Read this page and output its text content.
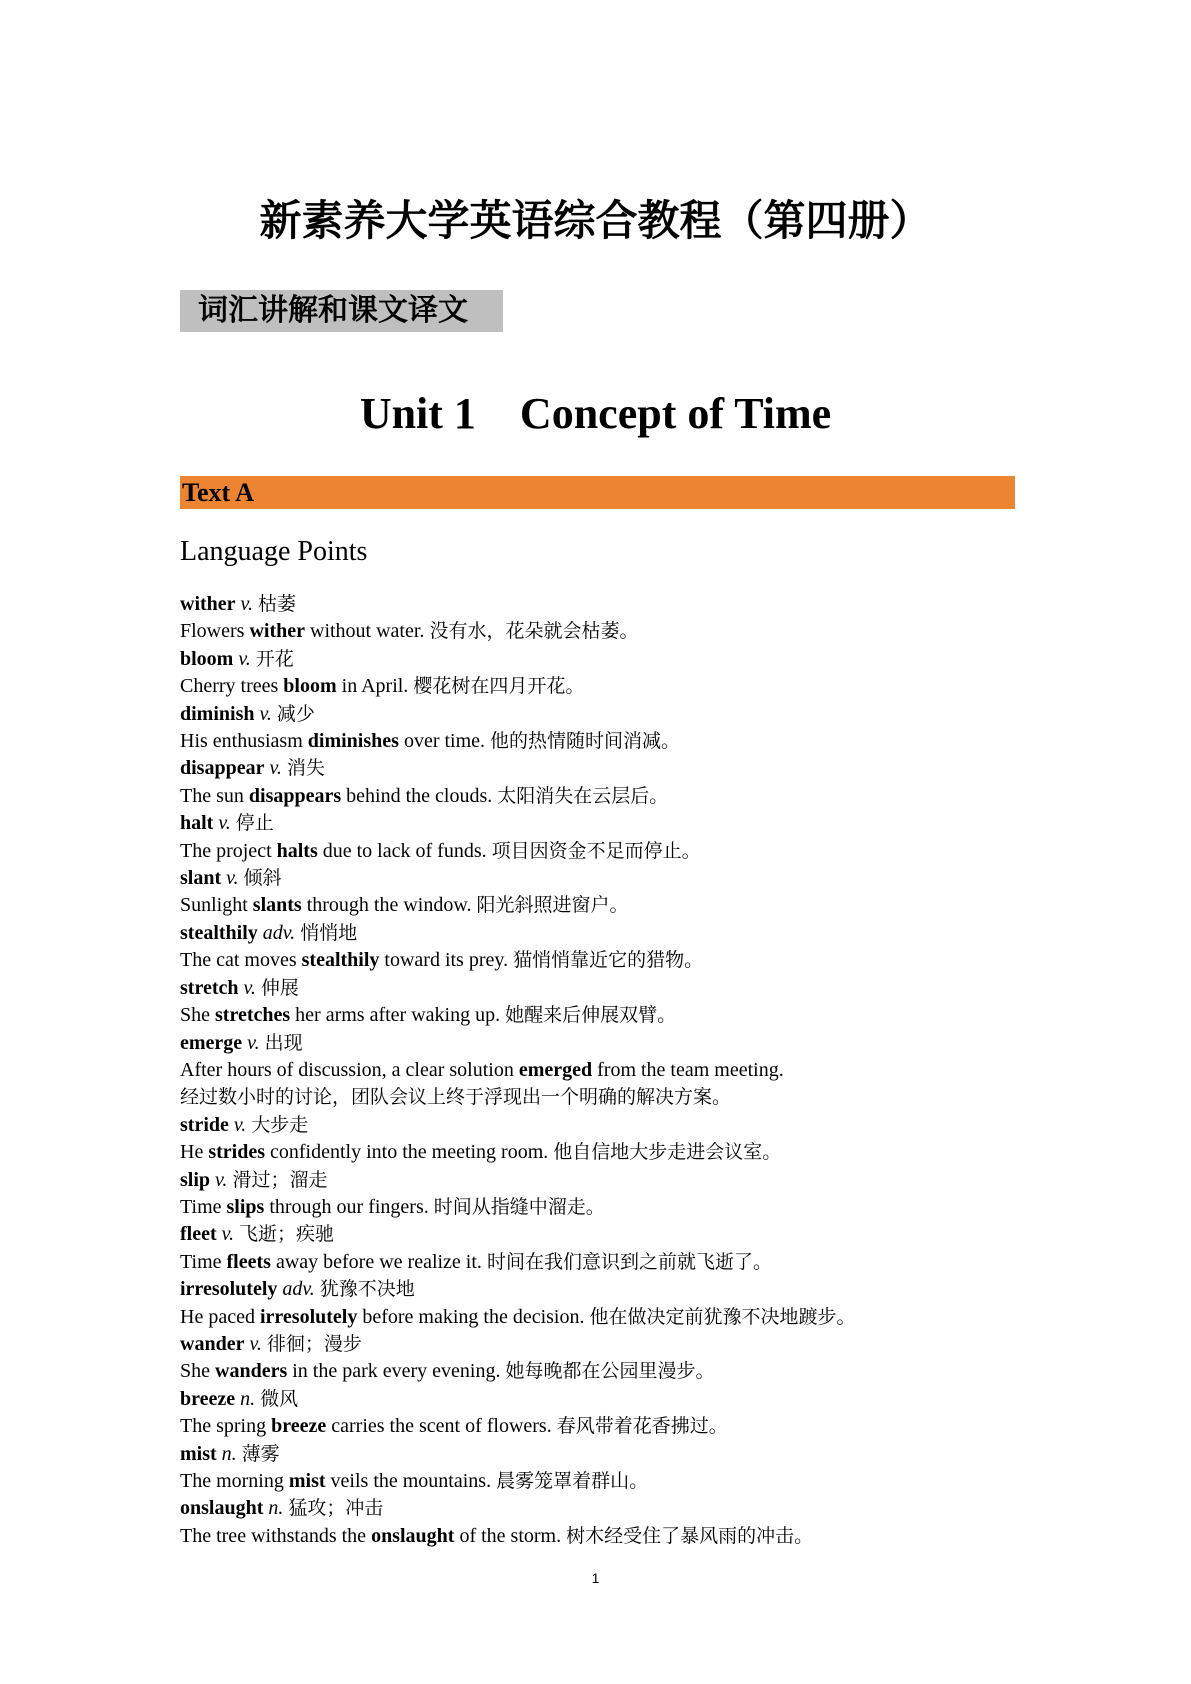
新素养大学英语综合教程（第四册）
词汇讲解和课文译文
Unit 1　Concept of Time
Text A
Language Points
wither v. 枯萎
Flowers wither without water. 没有水，花朵就会枯萎。
bloom v. 开花
Cherry trees bloom in April. 樱花树在四月开花。
diminish v. 减少
His enthusiasm diminishes over time. 他的热情随时间消减。
disappear v. 消失
The sun disappears behind the clouds. 太阳消失在云层后。
halt v. 停止
The project halts due to lack of funds. 项目因资金不足而停止。
slant v. 倾斜
Sunlight slants through the window. 阳光斜照进窗户。
stealthily adv. 悄悄地
The cat moves stealthily toward its prey. 猫悄悄靠近它的猎物。
stretch v. 伸展
She stretches her arms after waking up. 她醒来后伸展双臂。
emerge v. 出现
After hours of discussion, a clear solution emerged from the team meeting.
经过数小时的讨论，团队会议上终于浮现出一个明确的解决方案。
stride v. 大步走
He strides confidently into the meeting room. 他自信地大步走进会议室。
slip v. 滑过；溜走
Time slips through our fingers. 时间从指缝中溜走。
fleet v. 飞逝；疾驰
Time fleets away before we realize it. 时间在我们意识到之前就飞逝了。
irresolutely adv. 犹豫不决地
He paced irresolutely before making the decision. 他在做决定前犹豫不决地踱步。
wander v. 徘徊；漫步
She wanders in the park every evening. 她每晚都在公园里漫步。
breeze n. 微风
The spring breeze carries the scent of flowers. 春风带着花香拂过。
mist n. 薄雾
The morning mist veils the mountains. 晨雾笼罩着群山。
onslaught n. 猛攻；冲击
The tree withstands the onslaught of the storm. 树木经受住了暴风雨的冲击。
1
